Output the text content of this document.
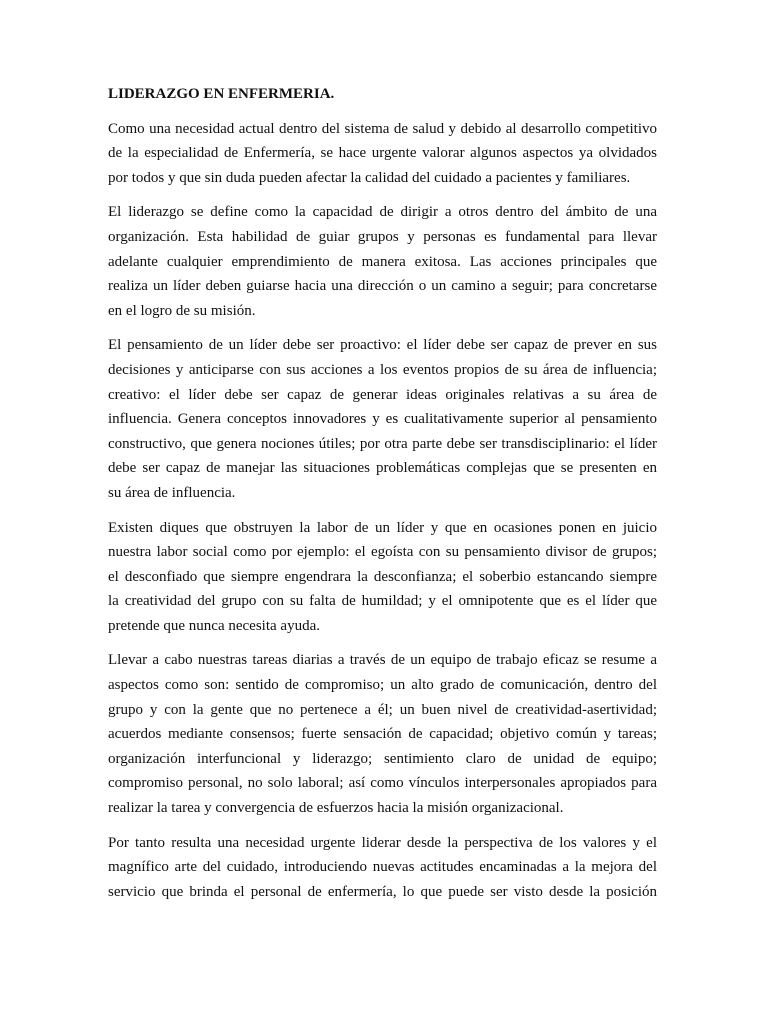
LIDERAZGO EN ENFERMERIA.
Como una necesidad actual dentro del sistema de salud y debido al desarrollo competitivo
de la especialidad de Enfermería, se hace urgente valorar algunos aspectos ya olvidados
por todos y que sin duda pueden afectar la calidad del cuidado a pacientes y familiares.
El liderazgo se define como la capacidad de dirigir a otros dentro del ámbito de una
organización. Esta habilidad de guiar grupos y personas es fundamental para llevar
adelante cualquier emprendimiento de manera exitosa. Las acciones principales que
realiza un líder deben guiarse hacia una dirección o un camino a seguir; para concretarse
en el logro de su misión.
El pensamiento de un líder debe ser proactivo: el líder debe ser capaz de prever en sus
decisiones y anticiparse con sus acciones a los eventos propios de su área de influencia;
creativo: el líder debe ser capaz de generar ideas originales relativas a su área de
influencia. Genera conceptos innovadores y es cualitativamente superior al pensamiento
constructivo, que genera nociones útiles; por otra parte debe ser transdisciplinario: el líder
debe ser capaz de manejar las situaciones problemáticas complejas que se presenten en
su área de influencia.
Existen diques que obstruyen la labor de un líder y que en ocasiones ponen en juicio
nuestra labor social como por ejemplo: el egoísta con su pensamiento divisor de grupos;
el desconfiado que siempre engendrara la desconfianza; el soberbio estancando siempre
la creatividad del grupo con su falta de humildad; y el omnipotente que es el líder que
pretende que nunca necesita ayuda.
Llevar a cabo nuestras tareas diarias a través de un equipo de trabajo eficaz se resume a
aspectos como son: sentido de compromiso; un alto grado de comunicación, dentro del
grupo y con la gente que no pertenece a él; un buen nivel de creatividad-asertividad;
acuerdos mediante consensos; fuerte sensación de capacidad; objetivo común y tareas;
organización interfuncional y liderazgo; sentimiento claro de unidad de equipo;
compromiso personal, no solo laboral; así como vínculos interpersonales apropiados para
realizar la tarea y convergencia de esfuerzos hacia la misión organizacional.
Por tanto resulta una necesidad urgente liderar desde la perspectiva de los valores y el
magnífico arte del cuidado, introduciendo nuevas actitudes encaminadas a la mejora del
servicio que brinda el personal de enfermería, lo que puede ser visto desde la posición
